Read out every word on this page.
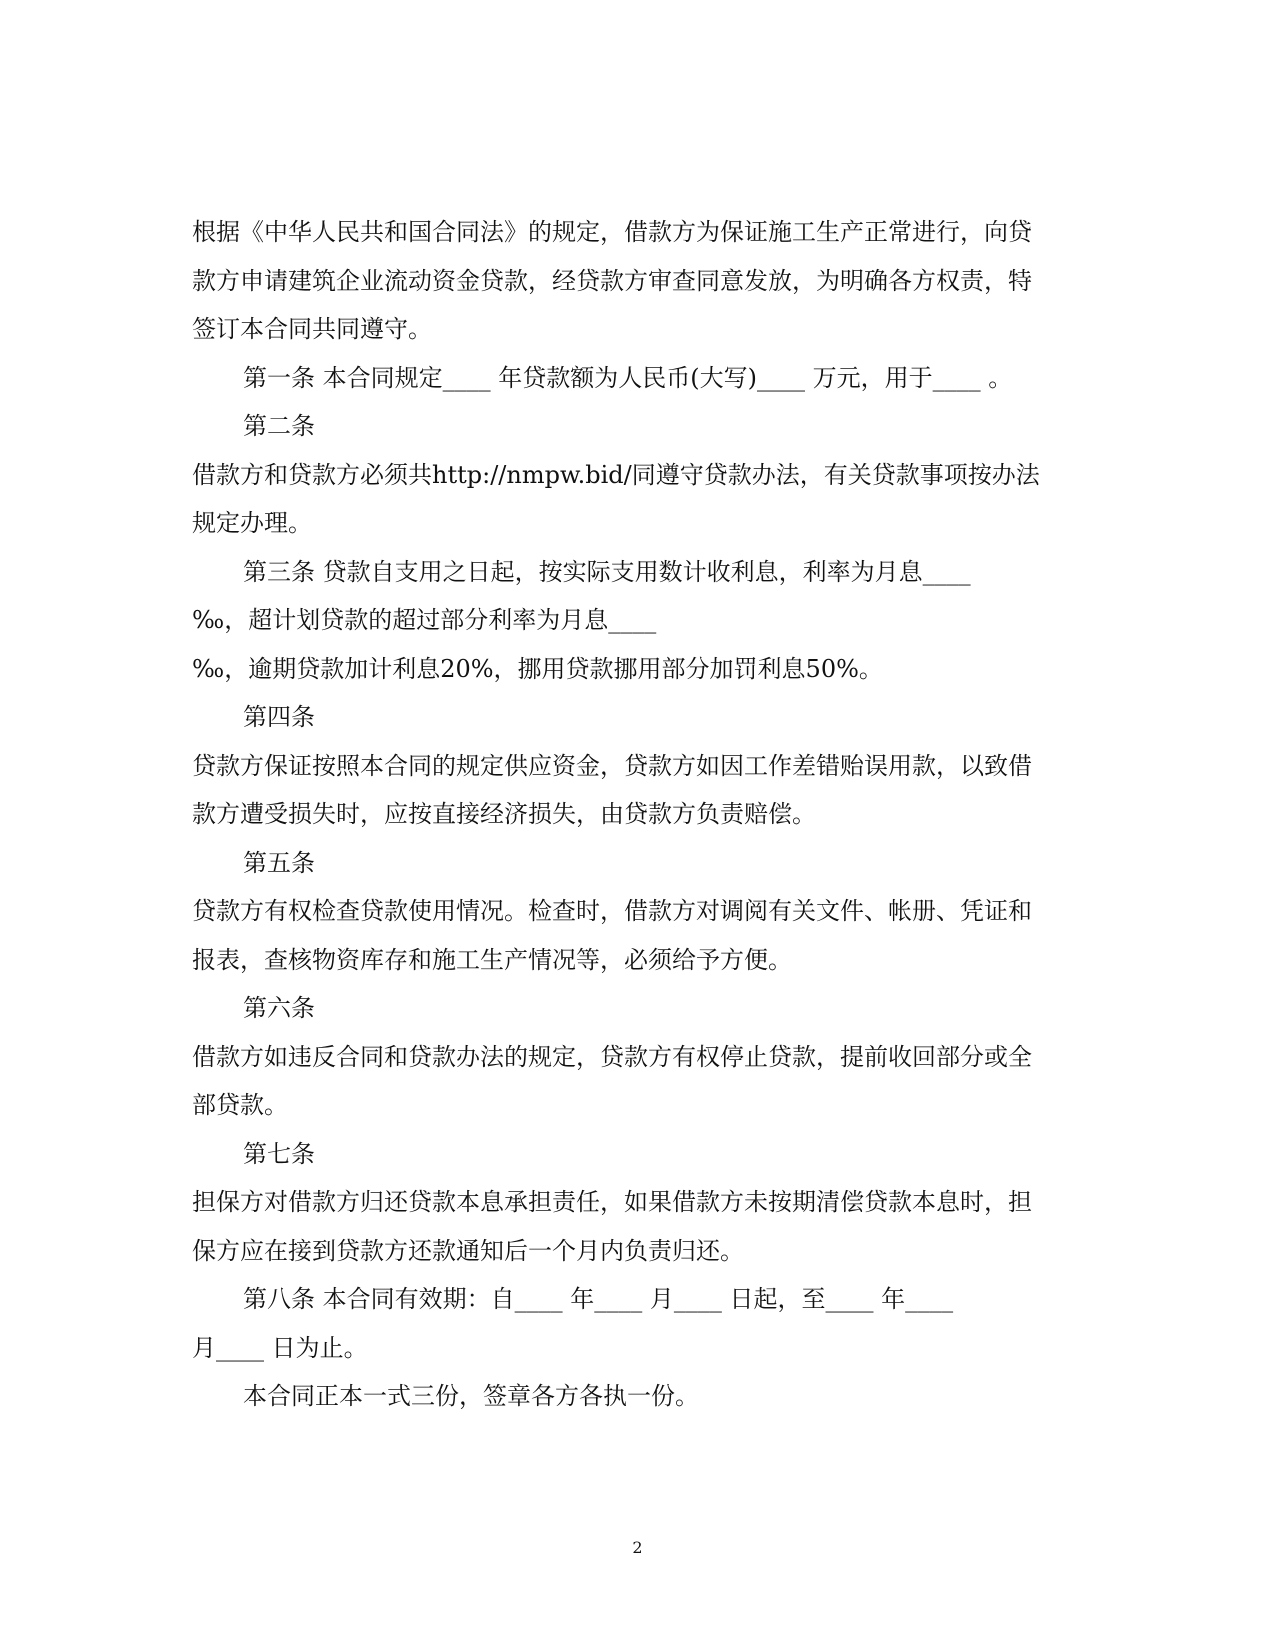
根据《中华人民共和国合同法》的规定，借款方为保证施工生产正常进行，向贷
款方申请建筑企业流动资金贷款，经贷款方审查同意发放，为明确各方权责，特
签订本合同共同遵守。
第一条 本合同规定____ 年贷款额为人民币(大写)____ 万元，用于____ 。
第二条
借款方和贷款方必须共http://nmpw.bid/同遵守贷款办法，有关贷款事项按办法
规定办理。
第三条 贷款自支用之日起，按实际支用数计收利息，利率为月息____
‰，超计划贷款的超过部分利率为月息____
‰，逾期贷款加计利息20%，挪用贷款挪用部分加罚利息50%。
第四条
贷款方保证按照本合同的规定供应资金，贷款方如因工作差错贻误用款，以致借
款方遭受损失时，应按直接经济损失，由贷款方负责赔偿。
第五条
贷款方有权检查贷款使用情况。检查时，借款方对调阅有关文件、帐册、凭证和
报表，查核物资库存和施工生产情况等，必须给予方便。
第六条
借款方如违反合同和贷款办法的规定，贷款方有权停止贷款，提前收回部分或全
部贷款。
第七条
担保方对借款方归还贷款本息承担责任，如果借款方未按期清偿贷款本息时，担
保方应在接到贷款方还款通知后一个月内负责归还。
第八条 本合同有效期：自____ 年____ 月____ 日起，至____ 年____
月____ 日为止。
本合同正本一式三份，签章各方各执一份。
2
